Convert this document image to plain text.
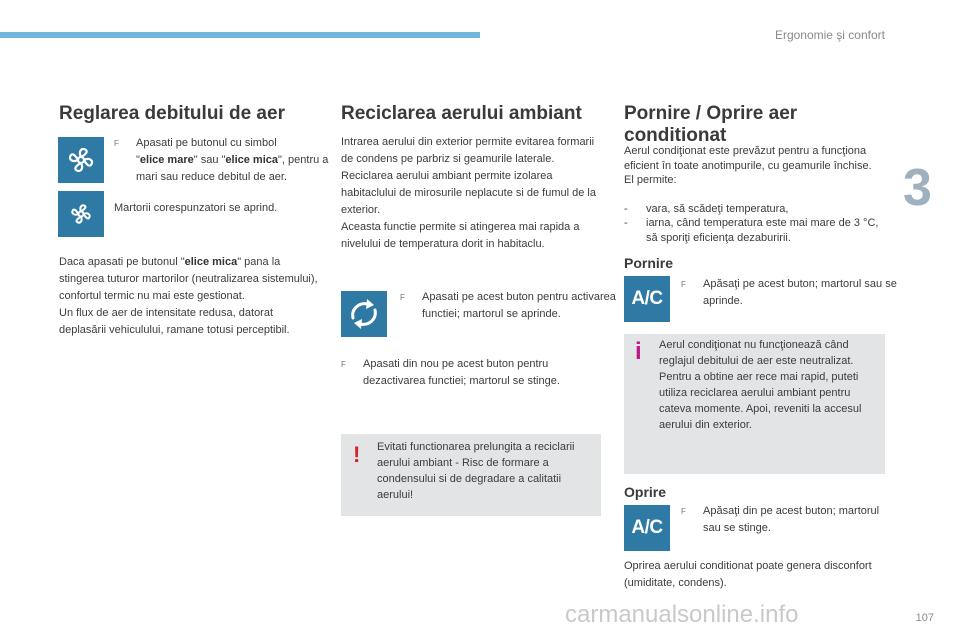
Ergonomie şi confort
3
Reglarea debitului de aer
F Apasati pe butonul cu simbol
"elice mare" sau "elice mica", pentru a mari sau reduce debitul de aer.
Martorii corespunzatori se aprind.
Daca apasati pe butonul "elice mica" pana la stingerea tuturor martorilor (neutralizarea sistemului), confortul termic nu mai este gestionat.
Un flux de aer de intensitate redusa, datorat deplasării vehiculului, ramane totusi perceptibil.
Reciclarea aerului ambiant
Intrarea aerului din exterior permite evitarea formarii de condens pe parbriz si geamurile laterale.
Reciclarea aerului ambiant permite izolarea habitaclului de mirosurile neplacute si de fumul de la exterior.
Aceasta functie permite si atingerea mai rapida a nivelului de temperatura dorit in habitaclu.
F Apasati pe acest buton pentru activarea functiei; martorul se aprinde.
F Apasati din nou pe acest buton pentru dezactivarea functiei; martorul se stinge.
! Evitati functionarea prelungita a reciclarii aerului ambiant - Risc de formare a condensului si de degradare a calitatii aerului!
Pornire / Oprire aer conditionat
Aerul condiţionat este prevăzut pentru a funcţiona eficient în toate anotimpurile, cu geamurile închise.
El permite:
- vara, să scădeţi temperatura,
- iarna, când temperatura este mai mare de 3 °C, să sporiţi eficienţa dezaburirii.
Pornire
A/C
F Apăsaţi pe acest buton; martorul sau se aprinde.
i Aerul condiţionat nu funcţionează când reglajul debitului de aer este neutralizat. Pentru a obtine aer rece mai rapid, puteti utiliza reciclarea aerului ambiant pentru cateva momente. Apoi, reveniti la accesul aerului din exterior.
Oprire
A/C
F Apăsaţi din pe acest buton; martorul sau se stinge.
Oprirea aerului conditionat poate genera disconfort (umiditate, condens).
carmanualsonline.info	107
